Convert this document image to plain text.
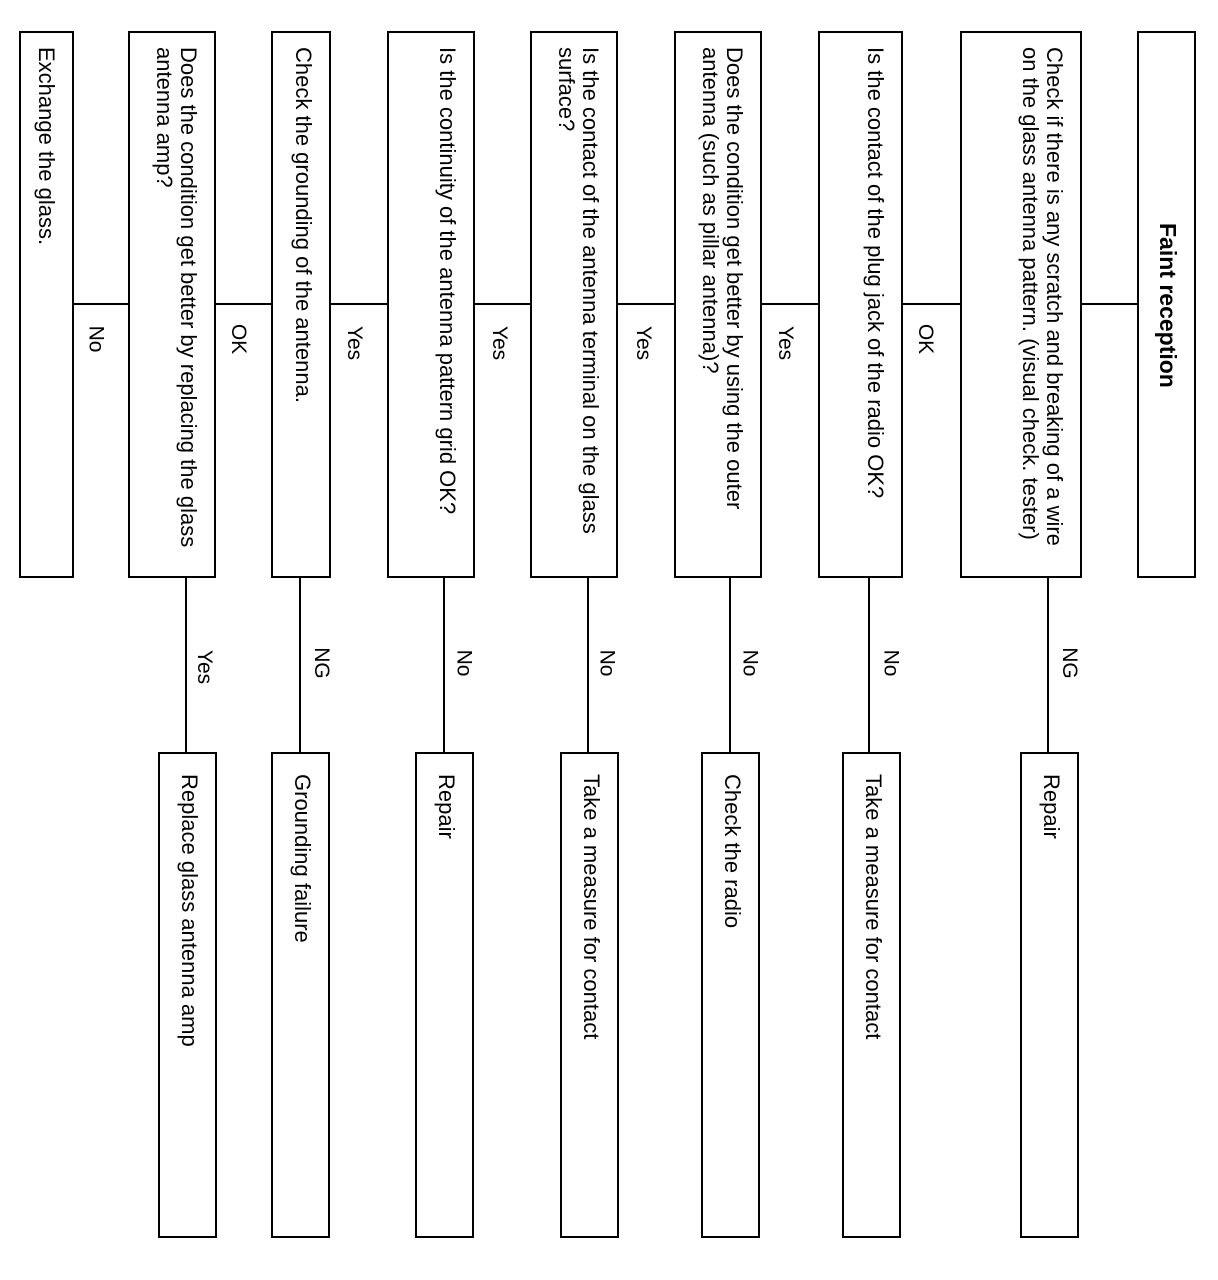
Faint reception
Check if there is any scratch and breaking of a wire on the glass antenna pattern. (visual check. tester)
Repair
Is the contact of the plug jack of the radio OK?
Take a measure for contact
Does the condition get better by using the outer antenna (such as pillar antenna)?
Check the radio
Is the contact of the antenna terminal on the glass surface?
Take a measure for contact
Is the continuity of the antenna pattern grid OK?
Repair
Check the grounding of the antenna.
Grounding failure
Does the condition get better by replacing the glass antenna amp?
Replace glass antenna amp
Exchange the glass.
OK
Yes
Yes
Yes
Yes
OK
No
NG
No
No
No
No
NG
Yes
